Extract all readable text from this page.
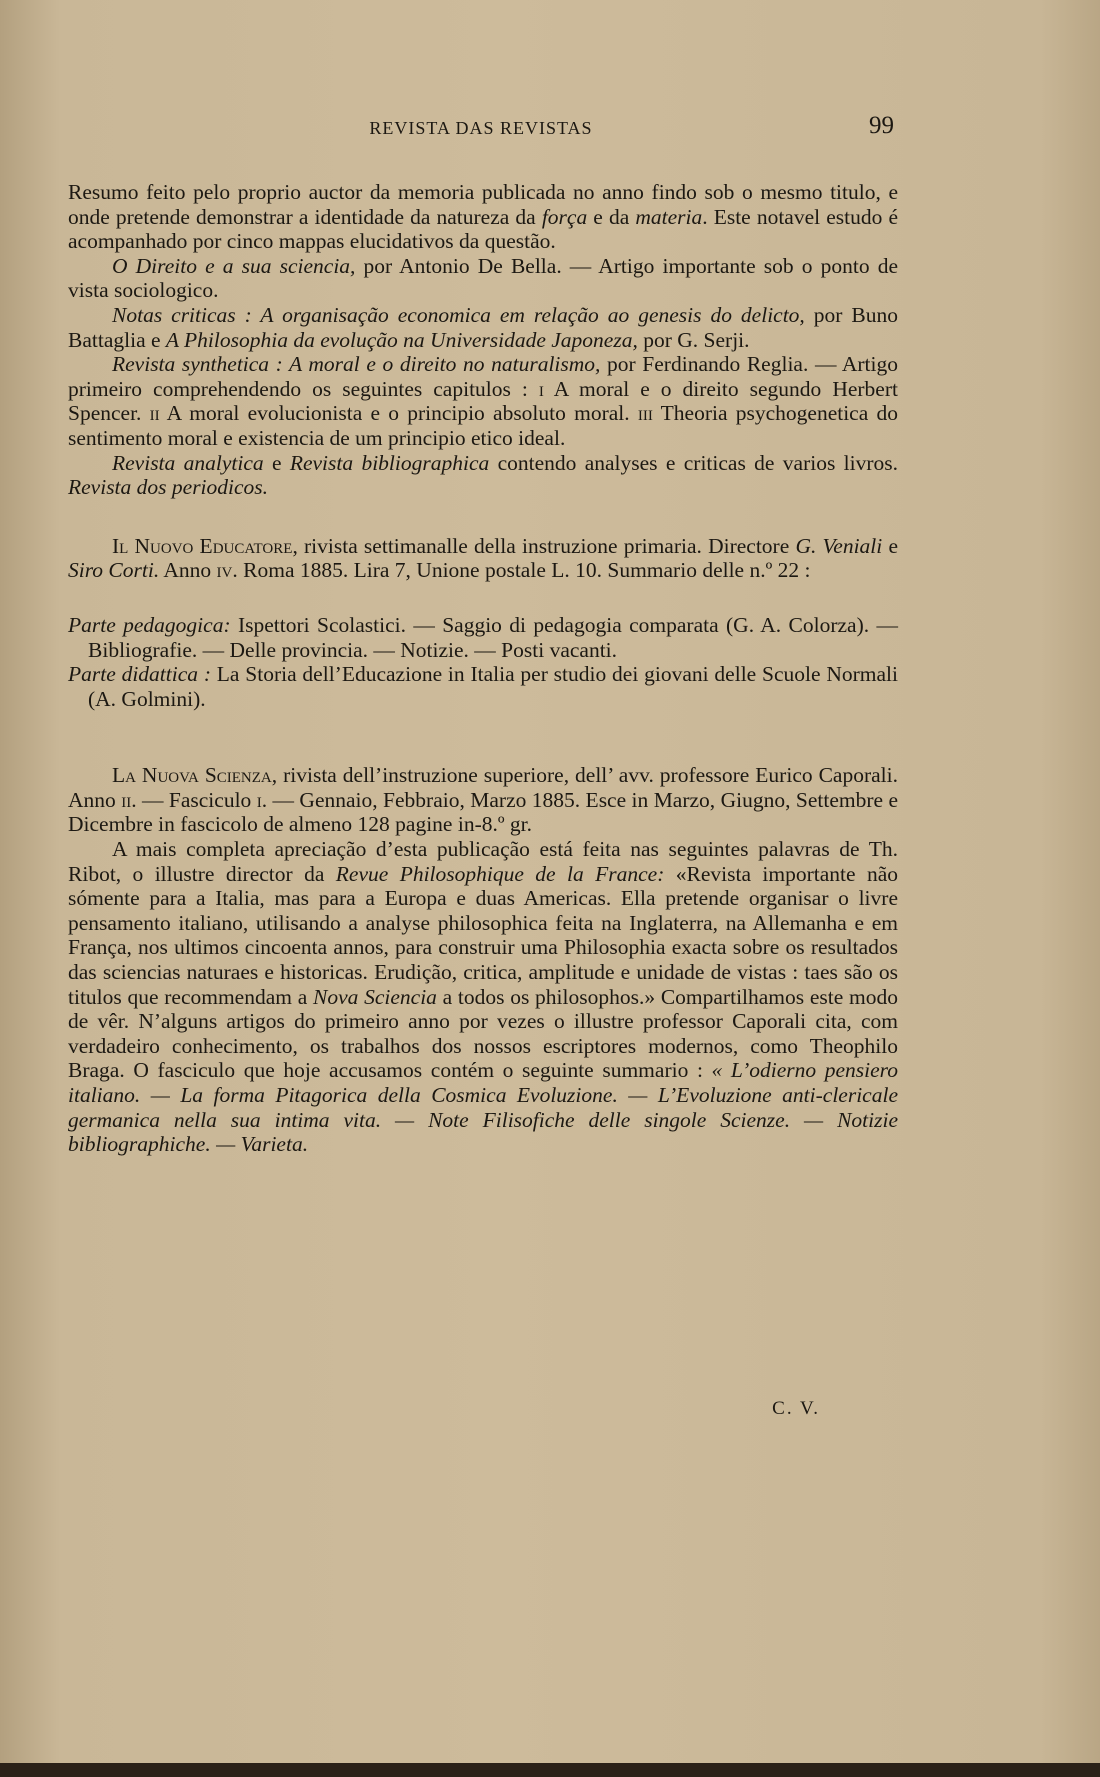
REVISTA DAS REVISTAS	99

Resumo feito pelo proprio auctor da memoria publicada no anno findo sob o mesmo titulo, e onde pretende demonstrar a identidade da natureza da força e da materia. Este notavel estudo é acompanhado por cinco mappas elucidativos da questão.

O Direito e a sua sciencia, por Antonio De Bella. — Artigo importante sob o ponto de vista sociologico.

Notas criticas : A organisação economica em relação ao genesis do delicto, por Buno Battaglia e A Philosophia da evolução na Universidade Japoneza, por G. Serji.

Revista synthetica : A moral e o direito no naturalismo, por Ferdinando Reglia. — Artigo primeiro comprehendendo os seguintes capitulos : i A moral e o direito segundo Herbert Spencer. ii A moral evolucionista e o principio absoluto moral. iii Theoria psychogenetica do sentimento moral e existencia de um principio etico ideal.

Revista analytica e Revista bibliographica contendo analyses e criticas de varios livros. Revista dos periodicos.

Il Nuovo Educatore, rivista settimanalle della instruzione primaria. Directore G. Veniali e Siro Corti. Anno iv. Roma 1885. Lira 7, Unione postale L. 10. Summario delle n.º 22 :

Parte pedagogica: Ispettori Scolastici. — Saggio di pedagogia comparata (G. A. Colorza). — Bibliografie. — Delle provincia. — Notizie. — Posti vacanti.

Parte didattica : La Storia dell’Educazione in Italia per studio dei giovani delle Scuole Normali (A. Golmini).

La Nuova Scienza, rivista dell’instruzione superiore, dell’ avv. professore Eurico Caporali. Anno ii. — Fasciculo i. — Gennaio, Febbraio, Marzo 1885. Esce in Marzo, Giugno, Settembre e Dicembre in fascicolo de almeno 128 pagine in-8.º gr.

A mais completa apreciação d’esta publicação está feita nas seguintes palavras de Th. Ribot, o illustre director da Revue Philosophique de la France: «Revista importante não sómente para a Italia, mas para a Europa e duas Americas. Ella pretende organisar o livre pensamento italiano, utilisando a analyse philosophica feita na Inglaterra, na Allemanha e em França, nos ultimos cincoenta annos, para construir uma Philosophia exacta sobre os resultados das sciencias naturaes e historicas. Erudição, critica, amplitude e unidade de vistas : taes são os titulos que recommendam a Nova Sciencia a todos os philosophos.» Compartilhamos este modo de vêr. N’alguns artigos do primeiro anno por vezes o illustre professor Caporali cita, com verdadeiro conhecimento, os trabalhos dos nossos escriptores modernos, como Theophilo Braga. O fasciculo que hoje accusamos contém o seguinte summario : « L’odierno pensiero italiano. — La forma Pitagorica della Cosmica Evoluzione. — L’Evoluzione anti-clericale germanica nella sua intima vita. — Note Filisofiche delle singole Scienze. — Notizie bibliographiche. — Varieta.

C. V.
